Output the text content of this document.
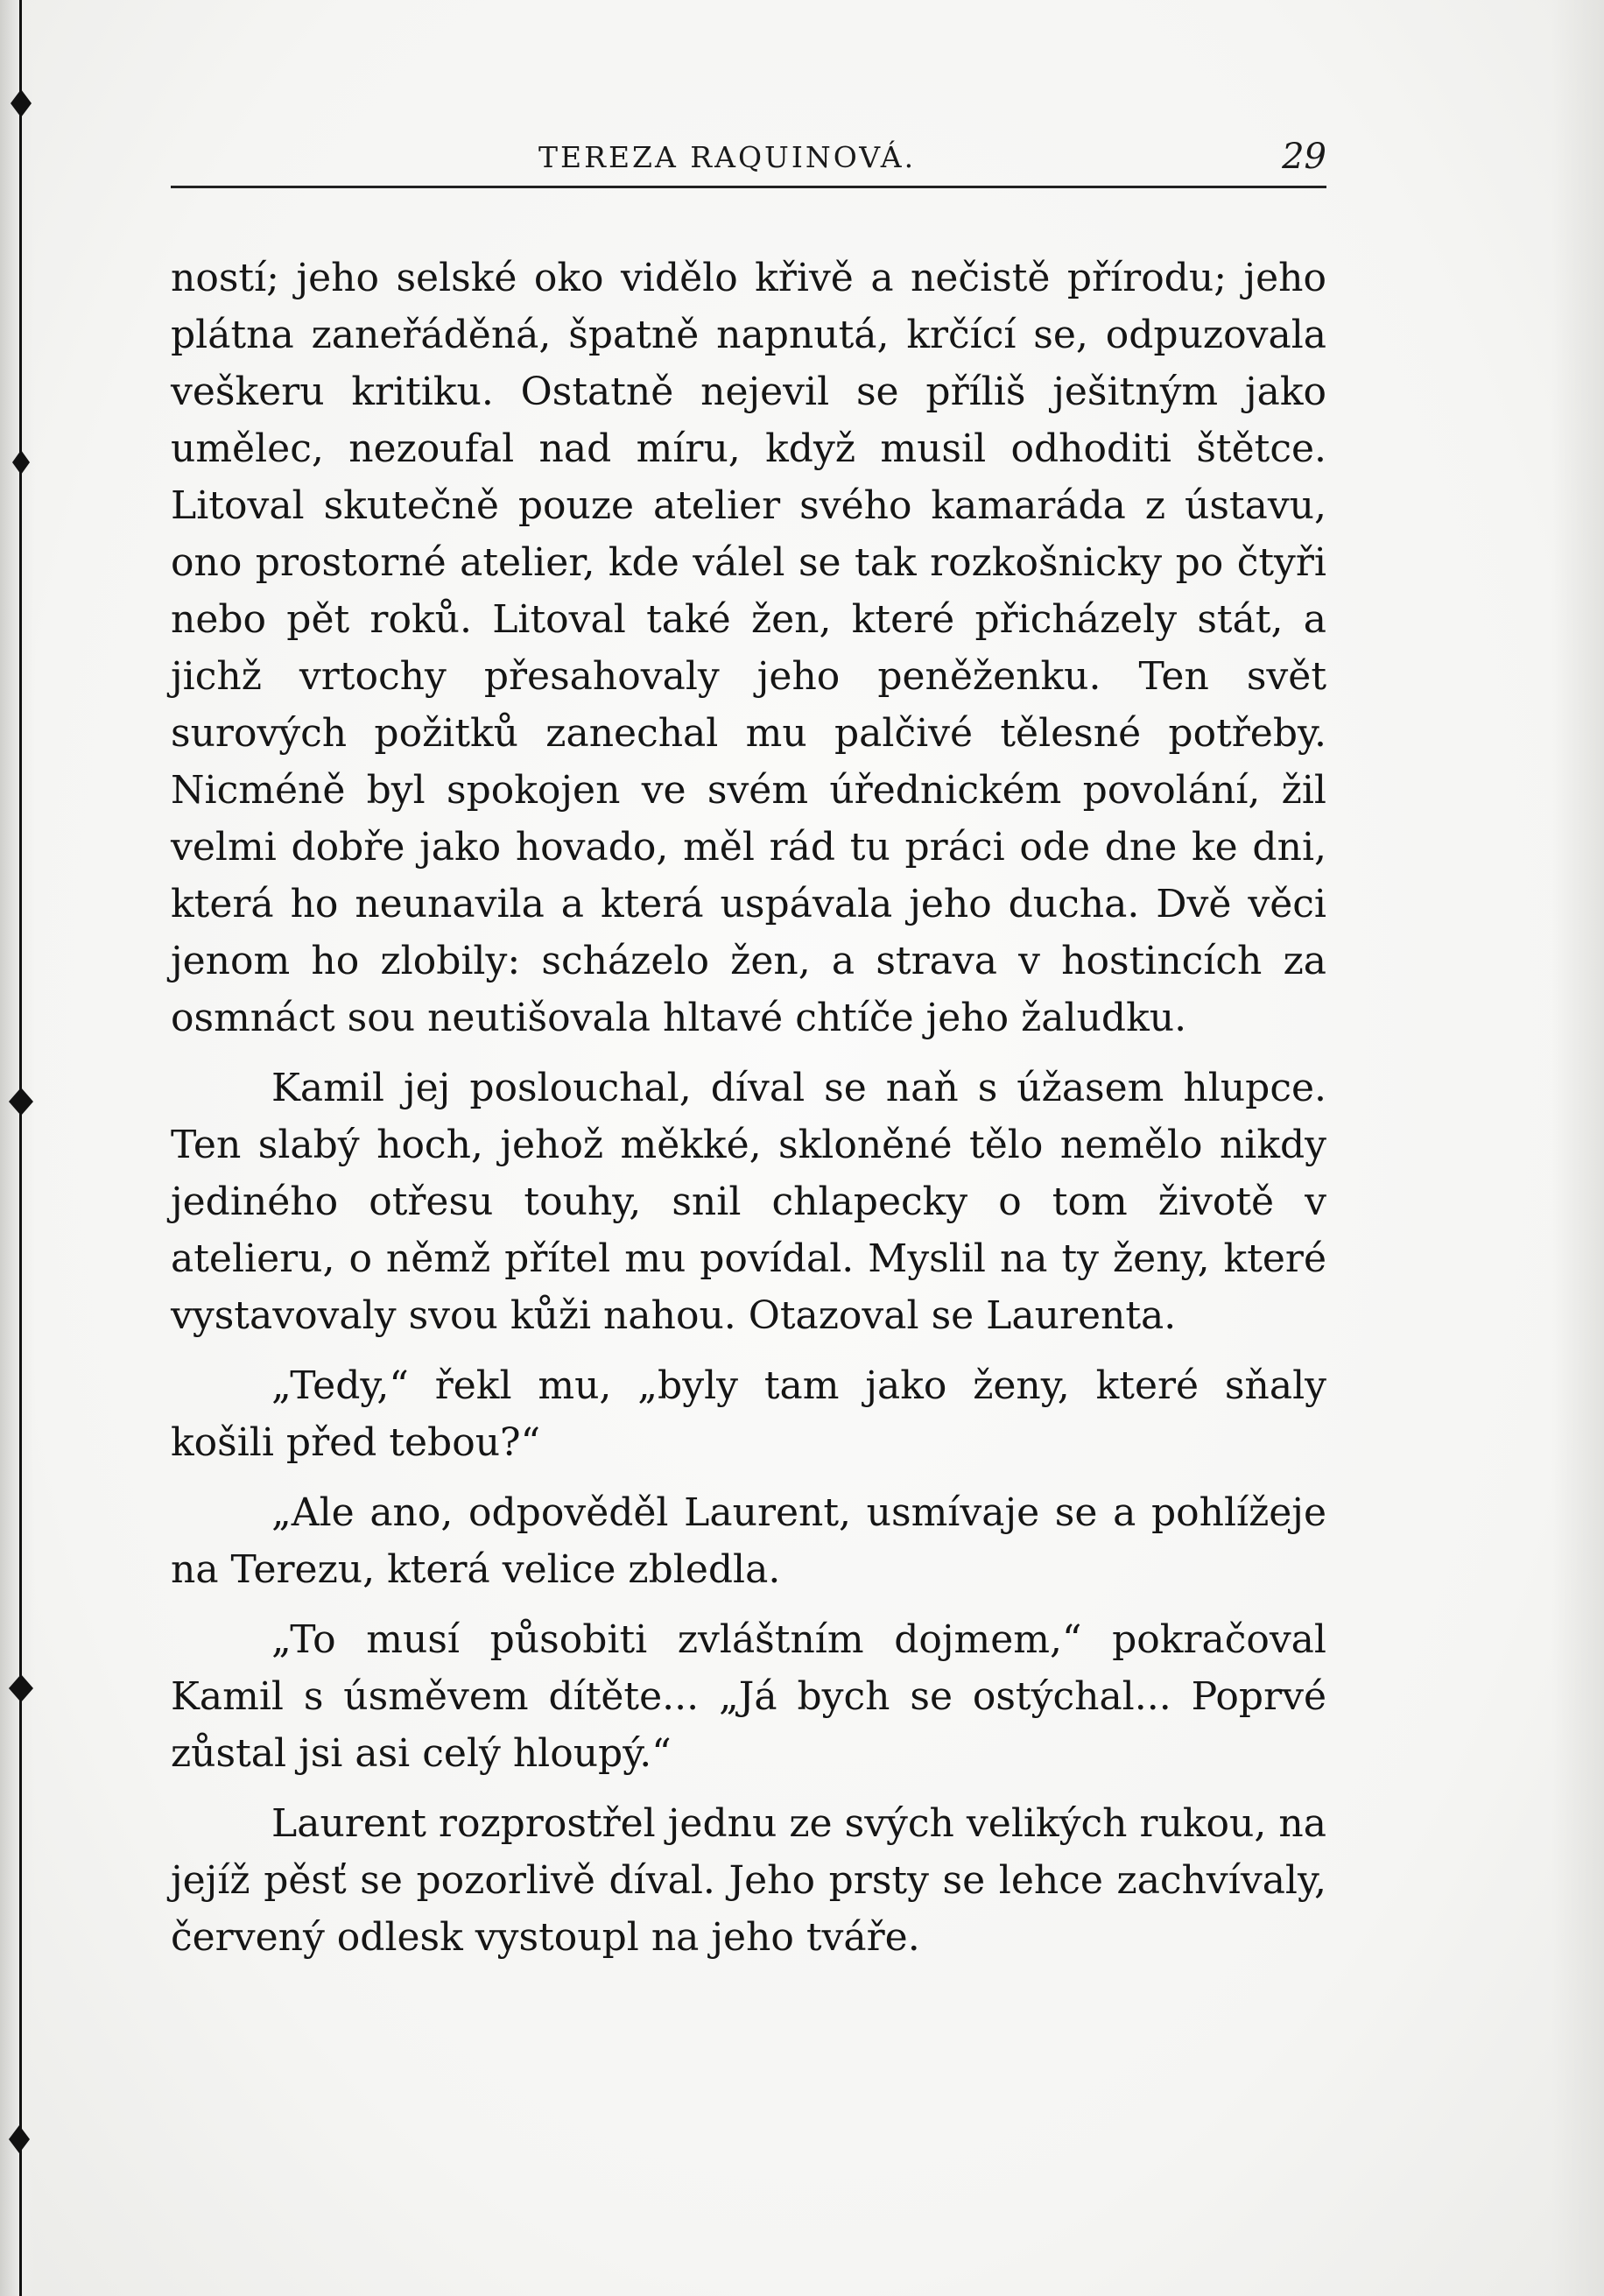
TEREZA RAQUINOVÁ.	29

ností; jeho selské oko vidělo křivě a nečistě přírodu; jeho plátna zaneřáděná, špatně napnutá, krčící se, odpuzovala veškeru kritiku. Ostatně nejevil se příliš ješitným jako umělec, nezoufal nad míru, když musil odhoditi štětce. Litoval skutečně pouze atelier svého kamaráda z ústavu, ono prostorné atelier, kde válel se tak rozkošnicky po čtyři nebo pět roků. Litoval také žen, které přicházely stát, a jichž vrtochy přesahovaly jeho peněženku. Ten svět surových požitků zanechal mu palčivé tělesné potřeby. Nicméně byl spokojen ve svém úřednickém povolání, žil velmi dobře jako hovado, měl rád tu práci ode dne ke dni, která ho neunavila a která uspávala jeho ducha. Dvě věci jenom ho zlobily: scházelo žen, a strava v hostincích za osmnáct sou neutišovala hltavé chtíče jeho žaludku.

Kamil jej poslouchal, díval se naň s úžasem hlupce. Ten slabý hoch, jehož měkké, skloněné tělo nemělo nikdy jediného otřesu touhy, snil chlapecky o tom životě v atelieru, o němž přítel mu povídal. Myslil na ty ženy, které vystavovaly svou kůži nahou. Otazoval se Laurenta.

„Tedy,“ řekl mu, „byly tam jako ženy, které sňaly košili před tebou?“

„Ale ano, odpověděl Laurent, usmívaje se a pohlížeje na Terezu, která velice zbledla.

„To musí působiti zvláštním dojmem,“ pokračoval Kamil s úsměvem dítěte... „Já bych se ostýchal... Poprvé zůstal jsi asi celý hloupý.“

Laurent rozprostřel jednu ze svých velikých rukou, na jejíž pěsť se pozorlivě díval. Jeho prsty se lehce zachvívaly, červený odlesk vystoupl na jeho tváře.
